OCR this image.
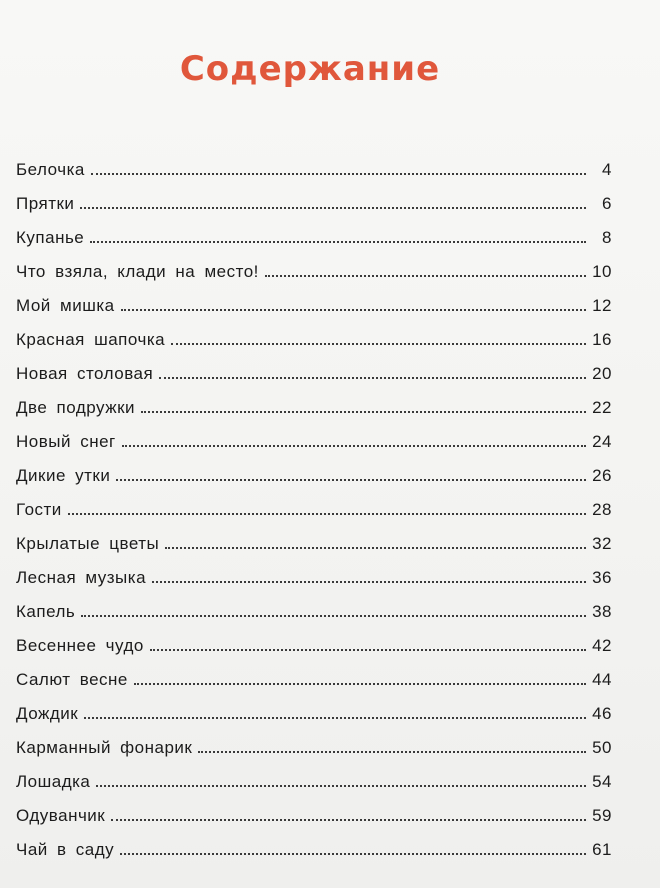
Содержание
Белочка	4
Прятки	6
Купанье	8
Что взяла, клади на место!	10
Мой мишка	12
Красная шапочка	16
Новая столовая	20
Две подружки	22
Новый снег	24
Дикие утки	26
Гости	28
Крылатые цветы	32
Лесная музыка	36
Капель	38
Весеннее чудо	42
Салют весне	44
Дождик	46
Карманный фонарик	50
Лошадка	54
Одуванчик	59
Чай в саду	61
